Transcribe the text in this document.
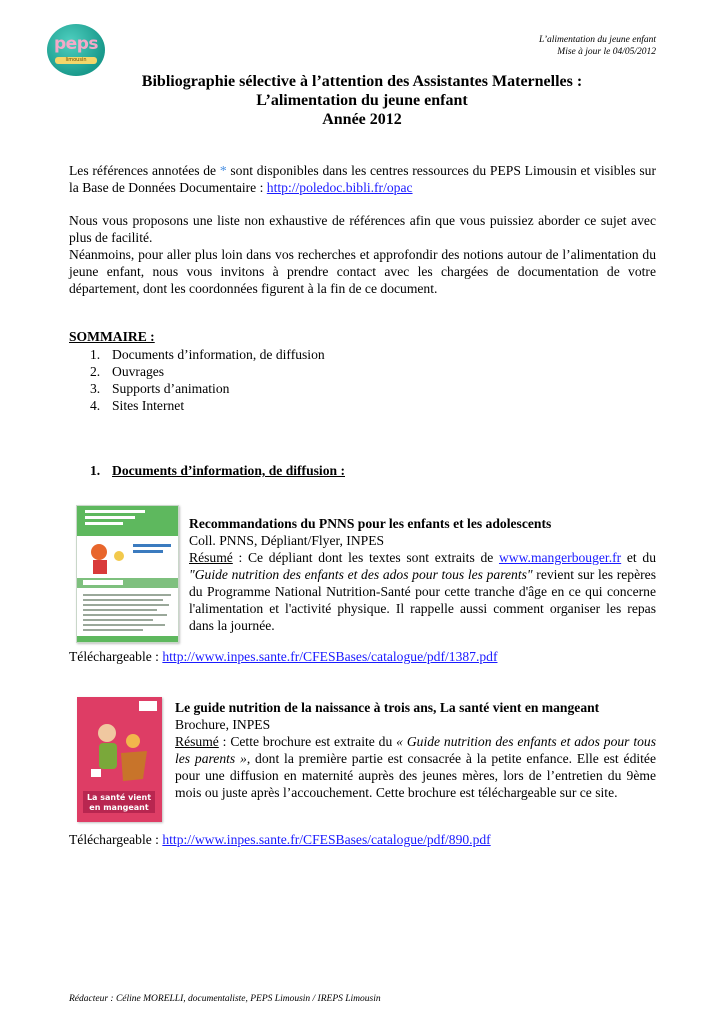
peps
limousin
L’alimentation du jeune enfant
Mise à jour le 04/05/2012
Bibliographie sélective à l’attention des Assistantes Maternelles :
L’alimentation du jeune enfant
Année 2012

Les références annotées de * sont disponibles dans les centres ressources du PEPS Limousin et visibles sur la Base de Données Documentaire : http://poledoc.bibli.fr/opac

Nous vous proposons une liste non exhaustive de références afin que vous puissiez aborder ce sujet avec plus de facilité.

Néanmoins, pour aller plus loin dans vos recherches et approfondir des notions autour de l’alimentation du jeune enfant, nous vous invitons à prendre contact avec les chargées de documentation de votre département, dont les coordonnées figurent à la fin de ce document.

SOMMAIRE :
1. Documents d’information, de diffusion
2. Ouvrages
3. Supports d’animation
4. Sites Internet
1. Documents d’information, de diffusion :
Recommandations du PNNS pour les enfants et les adolescents
Coll. PNNS, Dépliant/Flyer, INPES
Résumé : Ce dépliant dont les textes sont extraits de www.mangerbouger.fr et du "Guide nutrition des enfants et des ados pour tous les parents" revient sur les repères du Programme National Nutrition-Santé pour cette tranche d'âge en ce qui concerne l'alimentation et l'activité physique. Il rappelle aussi comment organiser les repas dans la journée.
Téléchargeable : http://www.inpes.sante.fr/CFESBases/catalogue/pdf/1387.pdf
La santé vient
en mangeant
Le guide nutrition de la naissance à trois ans, La santé vient en mangeant
Brochure, INPES
Résumé : Cette brochure est extraite du « Guide nutrition des enfants et ados pour tous les parents », dont la première partie est consacrée à la petite enfance. Elle est éditée pour une diffusion en maternité auprès des jeunes mères, lors de l’entretien du 9ème mois ou juste après l’accouchement. Cette brochure est téléchargeable sur ce site.
Téléchargeable : http://www.inpes.sante.fr/CFESBases/catalogue/pdf/890.pdf
Rédacteur : Céline MORELLI, documentaliste, PEPS Limousin / IREPS Limousin
